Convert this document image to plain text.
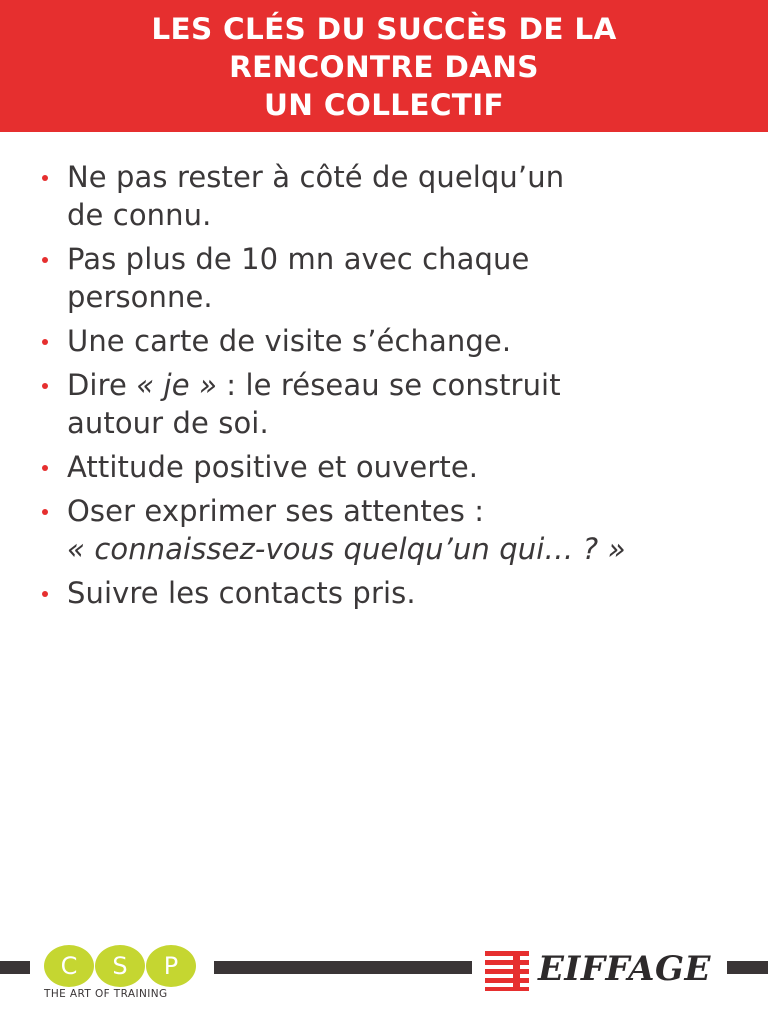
LES CLÉS DU SUCCÈS DE LA
RENCONTRE DANS
UN COLLECTIF
Ne pas rester à côté de quelqu’un
de connu.
Pas plus de 10 mn avec chaque
personne.
Une carte de visite s’échange.
Dire « je » : le réseau se construit
autour de soi.
Attitude positive et ouverte.
Oser exprimer ses attentes :
« connaissez-vous quelqu’un qui… ? »
Suivre les contacts pris.
C	S	P
THE ART OF TRAINING
EIFFAGE
